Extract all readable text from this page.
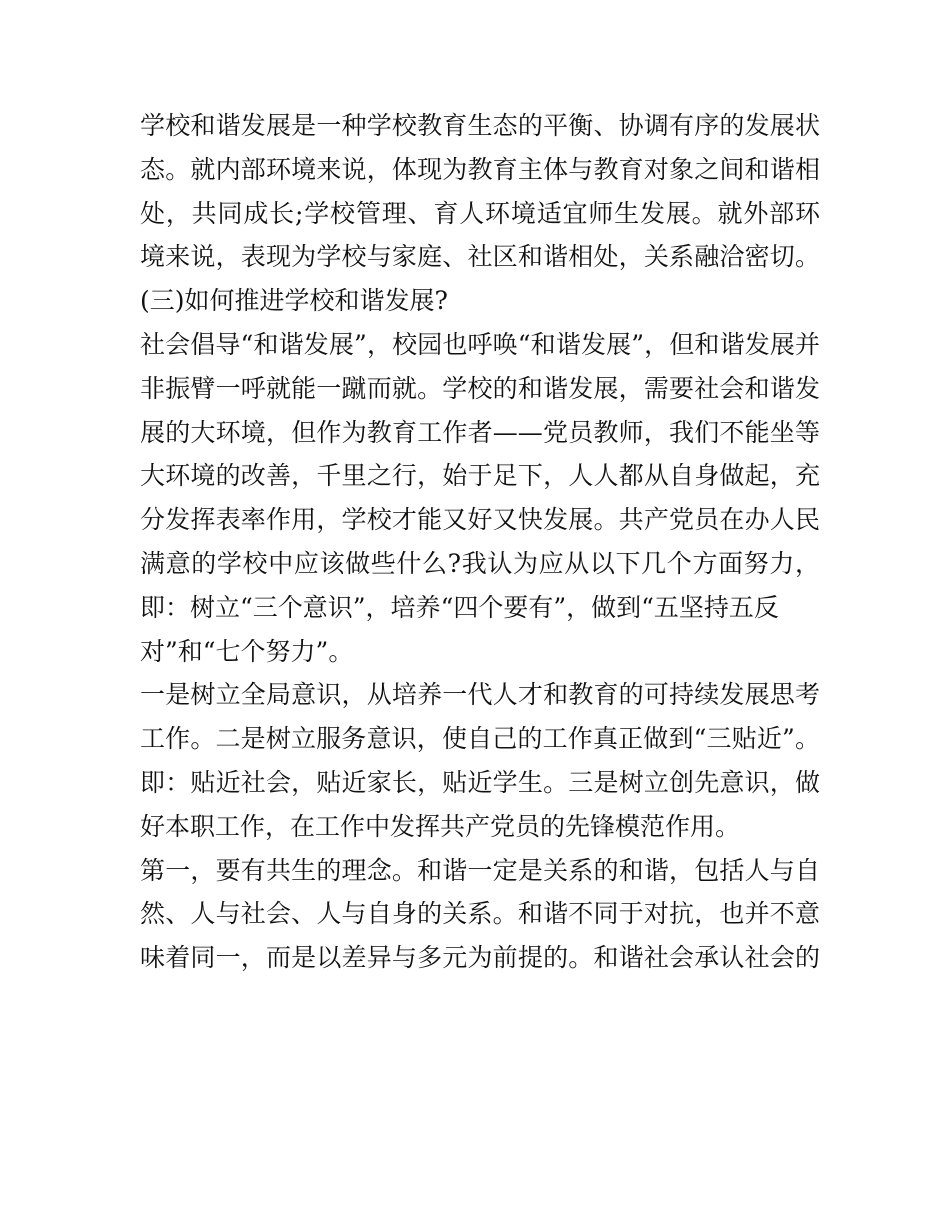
学校和谐发展是一种学校教育生态的平衡、协调有序的发展状
态。就内部环境来说，体现为教育主体与教育对象之间和谐相
处，共同成长;学校管理、育人环境适宜师生发展。就外部环
境来说，表现为学校与家庭、社区和谐相处，关系融洽密切。
(三)如何推进学校和谐发展?
社会倡导“和谐发展”，校园也呼唤“和谐发展”，但和谐发展并
非振臂一呼就能一蹴而就。学校的和谐发展，需要社会和谐发
展的大环境，但作为教育工作者——党员教师，我们不能坐等
大环境的改善，千里之行，始于足下，人人都从自身做起，充
分发挥表率作用，学校才能又好又快发展。共产党员在办人民
满意的学校中应该做些什么?我认为应从以下几个方面努力，
即：树立“三个意识”，培养“四个要有”，做到“五坚持五反
对”和“七个努力”。
一是树立全局意识，从培养一代人才和教育的可持续发展思考
工作。二是树立服务意识，使自己的工作真正做到“三贴近”。
即：贴近社会，贴近家长，贴近学生。三是树立创先意识，做
好本职工作，在工作中发挥共产党员的先锋模范作用。
第一，要有共生的理念。和谐一定是关系的和谐，包括人与自
然、人与社会、人与自身的关系。和谐不同于对抗，也并不意
味着同一，而是以差异与多元为前提的。和谐社会承认社会的
